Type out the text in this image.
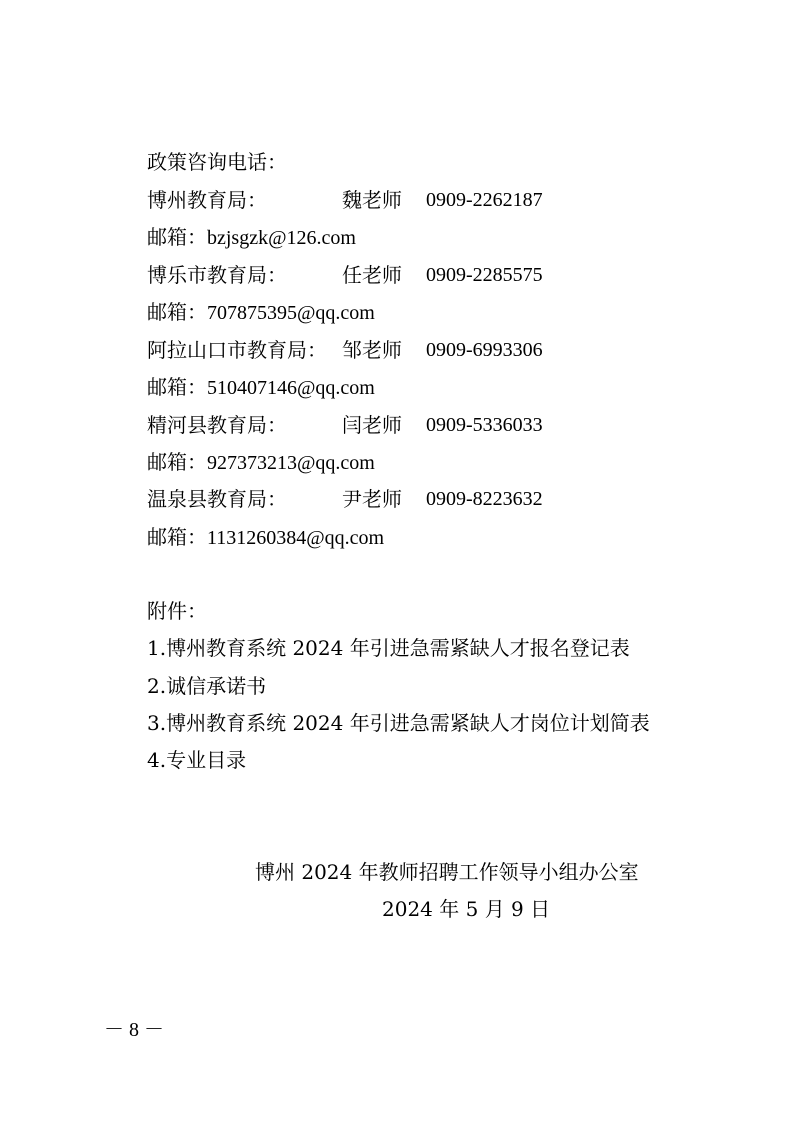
政策咨询电话：
博州教育局：	魏老师 0909-2262187
邮箱：bzjsgzk@126.com
博乐市教育局：	任老师 0909-2285575
邮箱：707875395@qq.com
阿拉山口市教育局： 邹老师 0909-6993306
邮箱：510407146@qq.com
精河县教育局：	闫老师 0909-5336033
邮箱：927373213@qq.com
温泉县教育局：	尹老师 0909-8223632
邮箱：1131260384@qq.com
附件：
1.博州教育系统 2024 年引进急需紧缺人才报名登记表
2.诚信承诺书
3.博州教育系统 2024 年引进急需紧缺人才岗位计划简表
4.专业目录
博州 2024 年教师招聘工作领导小组办公室
2024 年 5 月 9 日
－ 8 －
